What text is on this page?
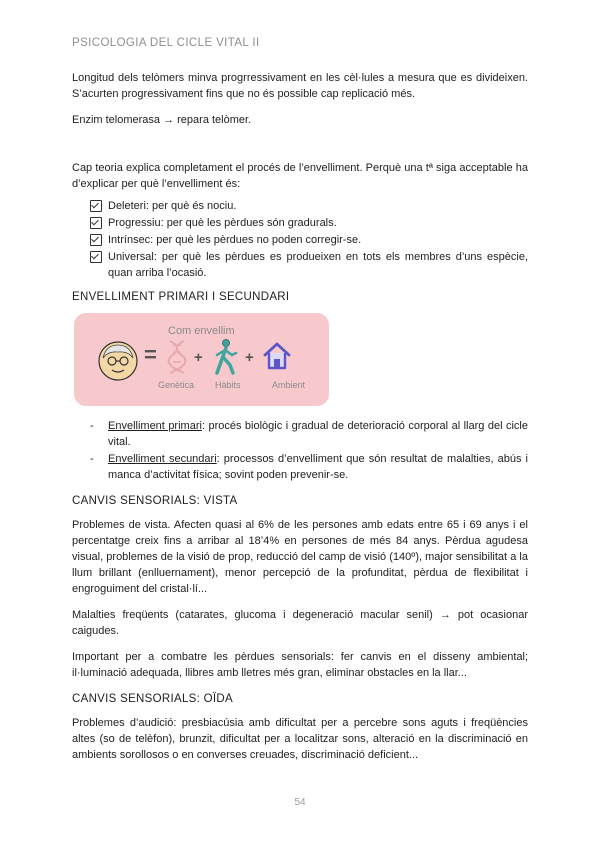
PSICOLOGIA DEL CICLE VITAL II

Longitud dels telòmers minva progrressivament en les cèl·lules a mesura que es divideixen. S’acurten progressivament fins que no és possible cap replicació més.

Enzim telomerasa → repara telòmer.

Cap teoria explica completament el procés de l’envelliment. Perquè una tª siga acceptable ha d’explicar per què l’envelliment és:

Deleteri: per què és nociu.
Progressiu: per què les pèrdues són gradurals.
Intrínsec: per què les pèrdues no poden corregir-se.
Universal: per què les pèrdues es produeixen en tots els membres d’uns espècie, quan arriba l’ocasió.
ENVELLIMENT PRIMARI I SECUNDARI
Com envellim
= +	+
Genètica Hàbits	Ambient
-	Envelliment primari: procés biològic i gradual de deterioració corporal al llarg del cicle vital.
-	Envelliment secundari: processos d’envelliment que són resultat de malalties, abús i manca d’activitat física; sovint poden prevenir-se.
CANVIS SENSORIALS: VISTA

Problemes de vista. Afecten quasi al 6% de les persones amb edats entre 65 i 69 anys i el percentatge creix fins a arribar al 18’4% en persones de més 84 anys. Pèrdua agudesa visual, problemes de la visió de prop, reducció del camp de visió (140º), major sensibilitat a la llum brillant (enlluernament), menor percepció de la profunditat, pèrdua de flexibilitat i engroguiment del cristal·lí...

Malalties freqüents (catarates, glucoma i degeneració macular senil) → pot ocasionar caigudes.

Important per a combatre les pèrdues sensorials: fer canvis en el disseny ambiental; il·luminació adequada, llibres amb lletres més gran, eliminar obstacles en la llar...

CANVIS SENSORIALS: OÏDA

Problemes d’audició: presbiacúsia amb dificultat per a percebre sons aguts i freqüències altes (so de telèfon), brunzit, dificultat per a localitzar sons, alteració en la discriminació en ambients sorollosos o en converses creuades, discriminació deficient...

54
